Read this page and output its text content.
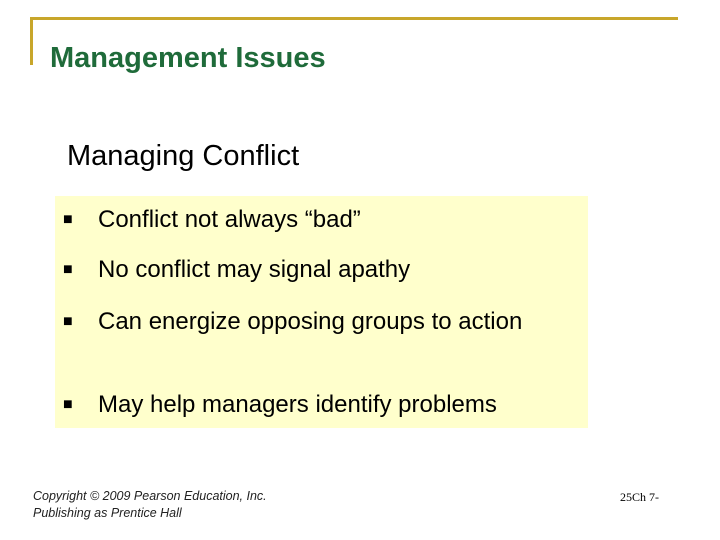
Management Issues
Managing Conflict
■	Conflict not always “bad”
■	No conflict may signal apathy
■	Can energize opposing groups to action
■	May help managers identify problems
Copyright © 2009 Pearson Education, Inc.
Publishing as Prentice Hall
25Ch 7-
